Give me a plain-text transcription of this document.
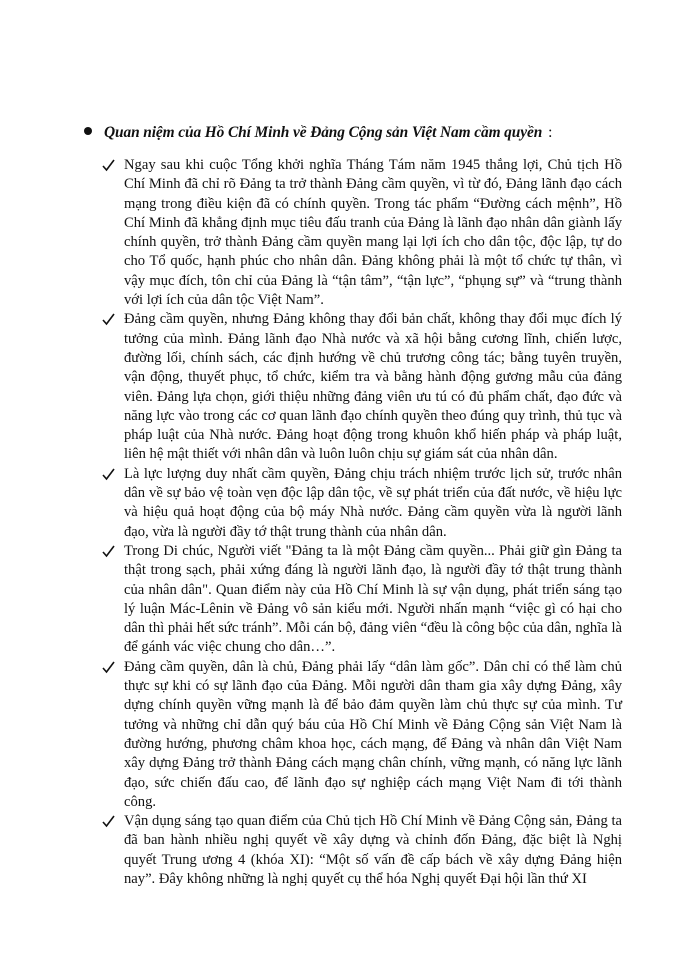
Quan niệm của Hồ Chí Minh về Đảng Cộng sản Việt Nam cầm quyền :
Ngay sau khi cuộc Tổng khởi nghĩa Tháng Tám năm 1945 thắng lợi, Chủ tịch Hồ Chí Minh đã chỉ rõ Đảng ta trở thành Đảng cầm quyền, vì từ đó, Đảng lãnh đạo cách mạng trong điều kiện đã có chính quyền. Trong tác phẩm “Đường cách mệnh”, Hồ Chí Minh đã khẳng định mục tiêu đấu tranh của Đảng là lãnh đạo nhân dân giành lấy chính quyền, trở thành Đảng cầm quyền mang lại lợi ích cho dân tộc, độc lập, tự do cho Tổ quốc, hạnh phúc cho nhân dân. Đảng không phải là một tổ chức tự thân, vì vậy mục đích, tôn chỉ của Đảng là “tận tâm”, “tận lực”, “phụng sự” và “trung thành với lợi ích của dân tộc Việt Nam”.
Đảng cầm quyền, nhưng Đảng không thay đổi bản chất, không thay đổi mục đích lý tưởng của mình. Đảng lãnh đạo Nhà nước và xã hội bằng cương lĩnh, chiến lược, đường lối, chính sách, các định hướng về chủ trương công tác; bằng tuyên truyền, vận động, thuyết phục, tổ chức, kiểm tra và bằng hành động gương mẫu của đảng viên. Đảng lựa chọn, giới thiệu những đảng viên ưu tú có đủ phẩm chất, đạo đức và năng lực vào trong các cơ quan lãnh đạo chính quyền theo đúng quy trình, thủ tục và pháp luật của Nhà nước. Đảng hoạt động trong khuôn khổ hiến pháp và pháp luật, liên hệ mật thiết với nhân dân và luôn luôn chịu sự giám sát của nhân dân.
Là lực lượng duy nhất cầm quyền, Đảng chịu trách nhiệm trước lịch sử, trước nhân dân về sự bảo vệ toàn vẹn độc lập dân tộc, về sự phát triển của đất nước, về hiệu lực và hiệu quả hoạt động của bộ máy Nhà nước. Đảng cầm quyền vừa là người lãnh đạo, vừa là người đầy tớ thật trung thành của nhân dân.
Trong Di chúc, Người viết "Đảng ta là một Đảng cầm quyền... Phải giữ gìn Đảng ta thật trong sạch, phải xứng đáng là người lãnh đạo, là người đầy tớ thật trung thành của nhân dân". Quan điểm này của Hồ Chí Minh là sự vận dụng, phát triển sáng tạo lý luận Mác-Lênin về Đảng vô sản kiểu mới. Người nhấn mạnh “việc gì có hại cho dân thì phải hết sức tránh”. Mỗi cán bộ, đảng viên “đều là công bộc của dân, nghĩa là để gánh vác việc chung cho dân…”.
Đảng cầm quyền, dân là chủ, Đảng phải lấy “dân làm gốc”. Dân chỉ có thể làm chủ thực sự khi có sự lãnh đạo của Đảng. Mỗi người dân tham gia xây dựng Đảng, xây dựng chính quyền vững mạnh là để bảo đảm quyền làm chủ thực sự của mình. Tư tưởng và những chỉ dẫn quý báu của Hồ Chí Minh về Đảng Cộng sản Việt Nam là đường hướng, phương châm khoa học, cách mạng, để Đảng và nhân dân Việt Nam xây dựng Đảng trở thành Đảng cách mạng chân chính, vững mạnh, có năng lực lãnh đạo, sức chiến đấu cao, để lãnh đạo sự nghiệp cách mạng Việt Nam đi tới thành công.
Vận dụng sáng tạo quan điểm của Chủ tịch Hồ Chí Minh về Đảng Cộng sản, Đảng ta đã ban hành nhiều nghị quyết về xây dựng và chỉnh đốn Đảng, đặc biệt là Nghị quyết Trung ương 4 (khóa XI): “Một số vấn đề cấp bách về xây dựng Đảng hiện nay”. Đây không những là nghị quyết cụ thể hóa Nghị quyết Đại hội lần thứ XI
